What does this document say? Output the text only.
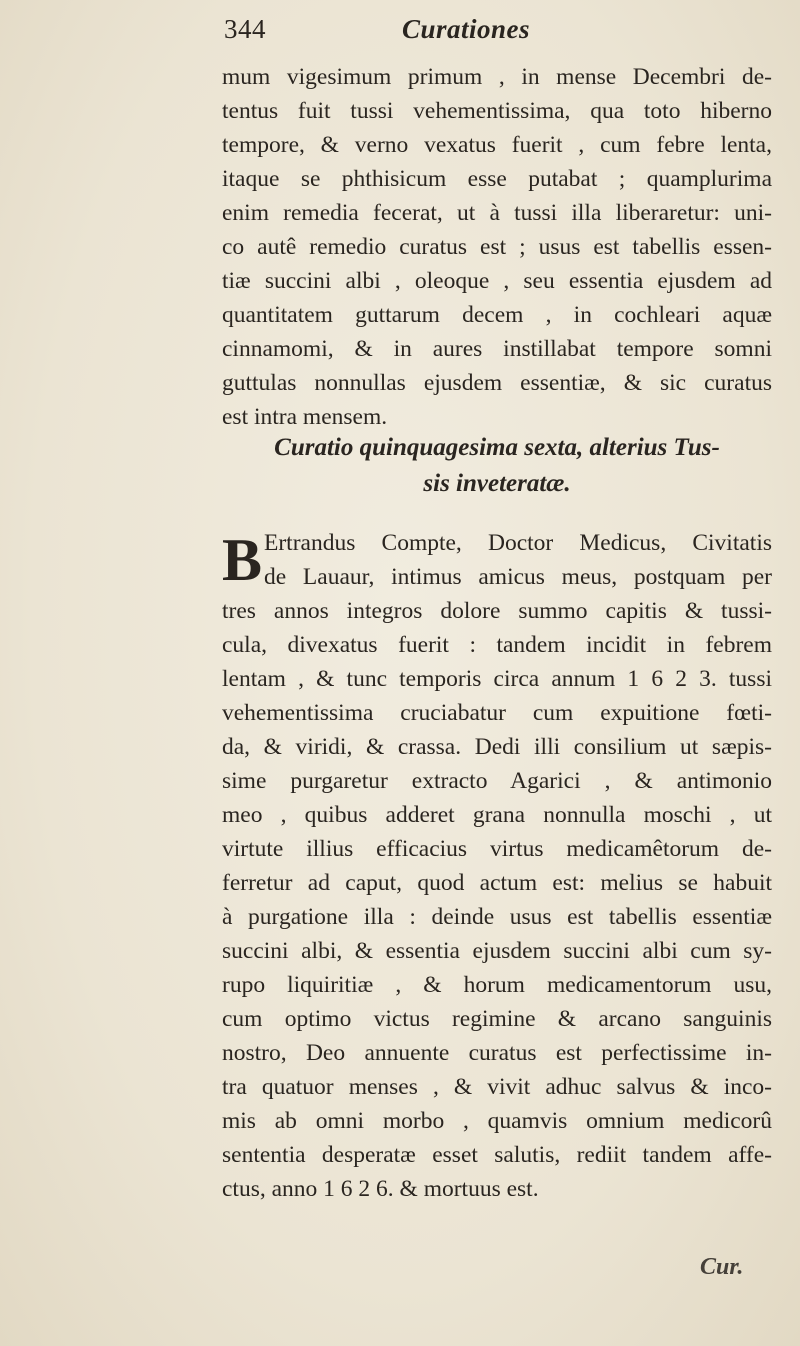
344	Curationes
mum vigesimum primum , in mense Decembri de-
tentus fuit tussi vehementissima, qua toto hiberno
tempore, & verno vexatus fuerit , cum febre lenta,
itaque se phthisicum esse putabat ; quamplurima
enim remedia fecerat, ut à tussi illa liberaretur: uni-
co autê remedio curatus est ; usus est tabellis essen-
tiæ succini albi , oleoque , seu essentia ejusdem ad
quantitatem guttarum decem , in cochleari aquæ
cinnamomi, & in aures instillabat tempore somni
guttulas nonnullas ejusdem essentiæ, & sic curatus
est intra mensem.
Curatio quinquagesima sexta, alterius Tus-
sis inveteratæ.
B Ertrandus Compte, Doctor Medicus, Civitatis
de Lauaur, intimus amicus meus, postquam per
tres annos integros dolore summo capitis & tussi-
cula, divexatus fuerit : tandem incidit in febrem
lentam , & tunc temporis circa annum 1 6 2 3. tussi
vehementissima cruciabatur cum expuitione fœti-
da, & viridi, & crassa. Dedi illi consilium ut sæpis-
sime purgaretur extracto Agarici , & antimonio
meo , quibus adderet grana nonnulla moschi , ut
virtute illius efficacius virtus medicamêtorum de-
ferretur ad caput, quod actum est: melius se habuit
à purgatione illa : deinde usus est tabellis essentiæ
succini albi, & essentia ejusdem succini albi cum sy-
rupo liquiritiæ , & horum medicamentorum usu,
cum optimo victus regimine & arcano sanguinis
nostro, Deo annuente curatus est perfectissime in-
tra quatuor menses , & vivit adhuc salvus & inco-
mis ab omni morbo , quamvis omnium medicorû
sententia desperatæ esset salutis, rediit tandem affe-
ctus, anno 1 6 2 6. & mortuus est.
Cur.
